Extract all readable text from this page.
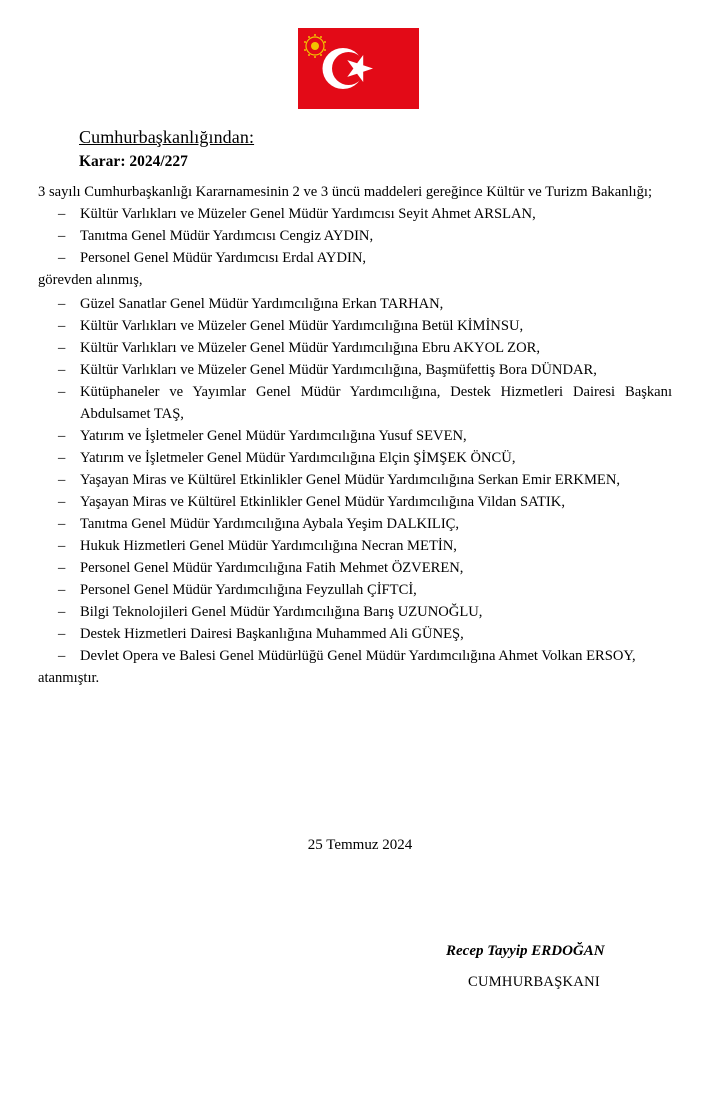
Cumhurbaşkanlığından:
Karar: 2024/227

3 sayılı Cumhurbaşkanlığı Kararnamesinin 2 ve 3 üncü maddeleri gereğince Kültür ve Turizm Bakanlığı;

– Kültür Varlıkları ve Müzeler Genel Müdür Yardımcısı Seyit Ahmet ARSLAN,
– Tanıtma Genel Müdür Yardımcısı Cengiz AYDIN,
– Personel Genel Müdür Yardımcısı Erdal AYDIN,

görevden alınmış,

– Güzel Sanatlar Genel Müdür Yardımcılığına Erkan TARHAN,
– Kültür Varlıkları ve Müzeler Genel Müdür Yardımcılığına Betül KİMİNSU,
– Kültür Varlıkları ve Müzeler Genel Müdür Yardımcılığına Ebru AKYOL ZOR,
– Kültür Varlıkları ve Müzeler Genel Müdür Yardımcılığına, Başmüfettiş Bora DÜNDAR,
– Kütüphaneler ve Yayımlar Genel Müdür Yardımcılığına, Destek Hizmetleri Dairesi Başkanı Abdulsamet TAŞ,
– Yatırım ve İşletmeler Genel Müdür Yardımcılığına Yusuf SEVEN,
– Yatırım ve İşletmeler Genel Müdür Yardımcılığına Elçin ŞİMŞEK ÖNCÜ,
– Yaşayan Miras ve Kültürel Etkinlikler Genel Müdür Yardımcılığına Serkan Emir ERKMEN,
– Yaşayan Miras ve Kültürel Etkinlikler Genel Müdür Yardımcılığına Vildan SATIK,
– Tanıtma Genel Müdür Yardımcılığına Aybala Yeşim DALKILIÇ,
– Hukuk Hizmetleri Genel Müdür Yardımcılığına Necran METİN,
– Personel Genel Müdür Yardımcılığına Fatih Mehmet ÖZVEREN,
– Personel Genel Müdür Yardımcılığına Feyzullah ÇİFTCİ,
– Bilgi Teknolojileri Genel Müdür Yardımcılığına Barış UZUNOĞLU,
– Destek Hizmetleri Dairesi Başkanlığına Muhammed Ali GÜNEŞ,
– Devlet Opera ve Balesi Genel Müdürlüğü Genel Müdür Yardımcılığına Ahmet Volkan ERSOY,

atanmıştır.

25 Temmuz 2024
Recep Tayyip ERDOĞAN
CUMHURBAŞKANI
